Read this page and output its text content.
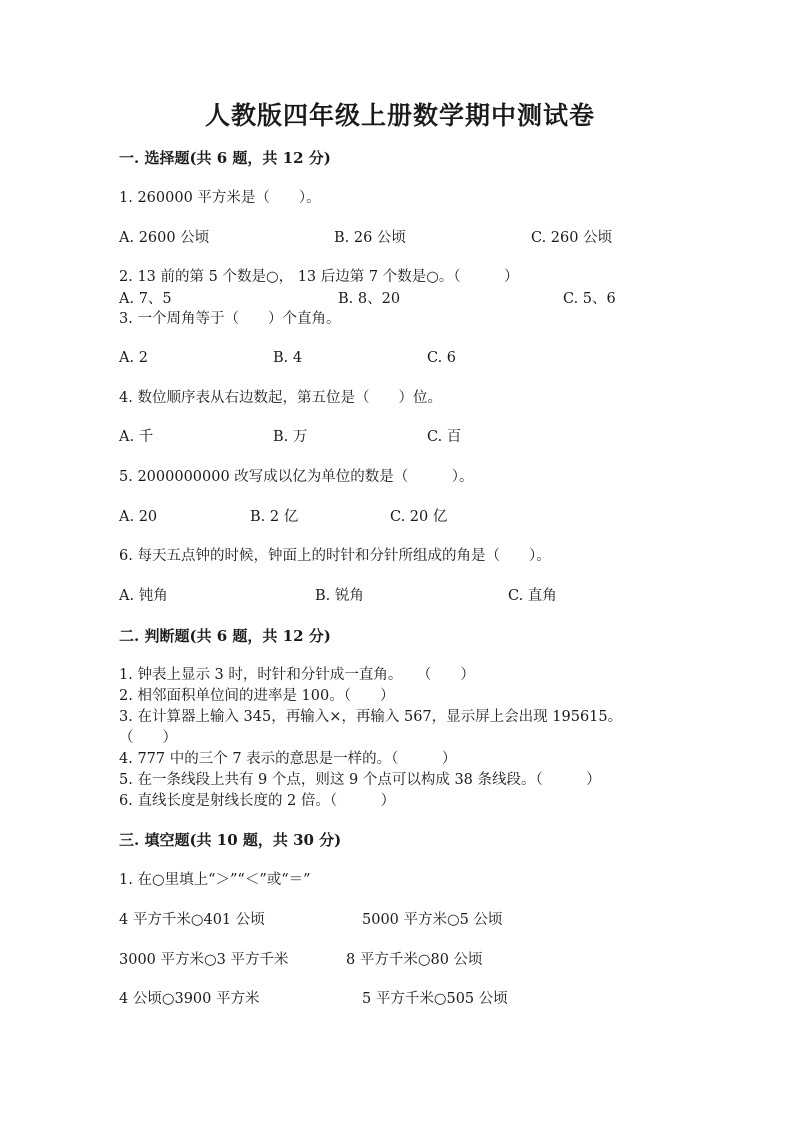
人教版四年级上册数学期中测试卷
一. 选择题(共 6 题，共 12 分)
1. 260000 平方米是（　　）。
A. 2600 公顷	B. 26 公顷	C. 260 公顷
2. 13 前的第 5 个数是○， 13 后边第 7 个数是○。（　　　）
A. 7、5	B. 8、20	C. 5、6
3. 一个周角等于（　　）个直角。
A. 2	B. 4	C. 6
4. 数位顺序表从右边数起，第五位是（　　）位。
A. 千	B. 万	C. 百
5. 2000000000 改写成以亿为单位的数是（　　　）。
A. 20	B. 2 亿	C. 20 亿
6. 每天五点钟的时候，钟面上的时针和分针所组成的角是（　　）。
A. 钝角	B. 锐角	C. 直角
二. 判断题(共 6 题，共 12 分)
1. 钟表上显示 3 时，时针和分针成一直角。　　（　　）
2. 相邻面积单位间的进率是 100。（　　）
3. 在计算器上输入 345，再输入×，再输入 567，显示屏上会出现 195615。
（　　）
4. 777 中的三个 7 表示的意思是一样的。（　　　）
5. 在一条线段上共有 9 个点，则这 9 个点可以构成 38 条线段。（　　　）
6. 直线长度是射线长度的 2 倍。（　　　）
三. 填空题(共 10 题，共 30 分)
1. 在○里填上“＞”“＜”或“＝”
4 平方千米○401 公顷	5000 平方米○5 公顷
3000 平方米○3 平方千米	8 平方千米○80 公顷
4 公顷○3900 平方米	5 平方千米○505 公顷
